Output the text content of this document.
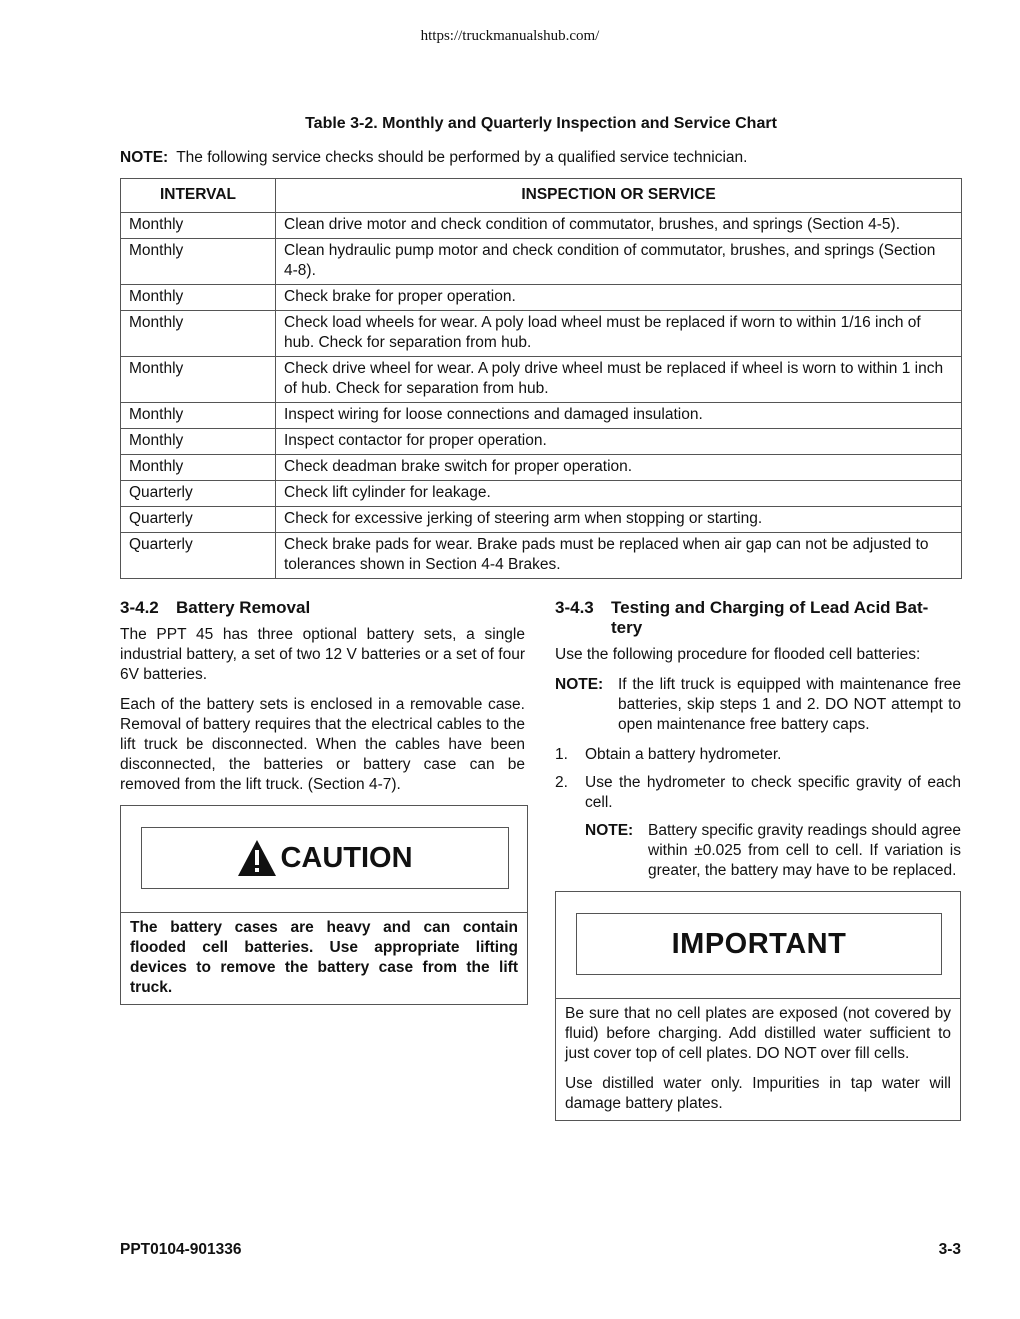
https://truckmanualshub.com/
Table 3-2. Monthly and Quarterly Inspection and Service Chart
NOTE: The following service checks should be performed by a qualified service technician.
INTERVAL	INSPECTION OR SERVICE
Monthly	Clean drive motor and check condition of commutator, brushes, and springs (Section 4-5).
Monthly	Clean hydraulic pump motor and check condition of commutator, brushes, and springs (Section 4-8).
Monthly	Check brake for proper operation.
Monthly	Check load wheels for wear. A poly load wheel must be replaced if worn to within 1/16 inch of hub. Check for separation from hub.
Monthly	Check drive wheel for wear. A poly drive wheel must be replaced if wheel is worn to within 1 inch of hub. Check for separation from hub.
Monthly	Inspect wiring for loose connections and damaged insulation.
Monthly	Inspect contactor for proper operation.
Monthly	Check deadman brake switch for proper operation.
Quarterly	Check lift cylinder for leakage.
Quarterly	Check for excessive jerking of steering arm when stopping or starting.
Quarterly	Check brake pads for wear. Brake pads must be replaced when air gap can not be adjusted to tolerances shown in Section 4-4 Brakes.
3-4.2 Battery Removal

The PPT 45 has three optional battery sets, a single industrial battery, a set of two 12 V batteries or a set of four 6V batteries.

Each of the battery sets is enclosed in a removable case. Removal of battery requires that the electrical cables to the lift truck be disconnected. When the cables have been disconnected, the batteries or battery case can be removed from the lift truck. (Section 4-7).

CAUTION
The battery cases are heavy and can contain flooded cell batteries. Use appropriate lifting devices to remove the battery case from the lift truck.
3-4.3	Testing and Charging of Lead Acid Bat-
tery

Use the following procedure for flooded cell batteries:

NOTE: If the lift truck is equipped with maintenance free batteries, skip steps 1 and 2. DO NOT attempt to open maintenance free battery caps.
1.	Obtain a battery hydrometer.
2.	Use the hydrometer to check specific gravity of each cell.
NOTE: Battery specific gravity readings should agree within ±0.025 from cell to cell. If variation is greater, the battery may have to be replaced.
IMPORTANT

Be sure that no cell plates are exposed (not covered by fluid) before charging. Add distilled water sufficient to just cover top of cell plates. DO NOT over fill cells.

Use distilled water only. Impurities in tap water will damage battery plates.

PPT0104-901336	3-3
